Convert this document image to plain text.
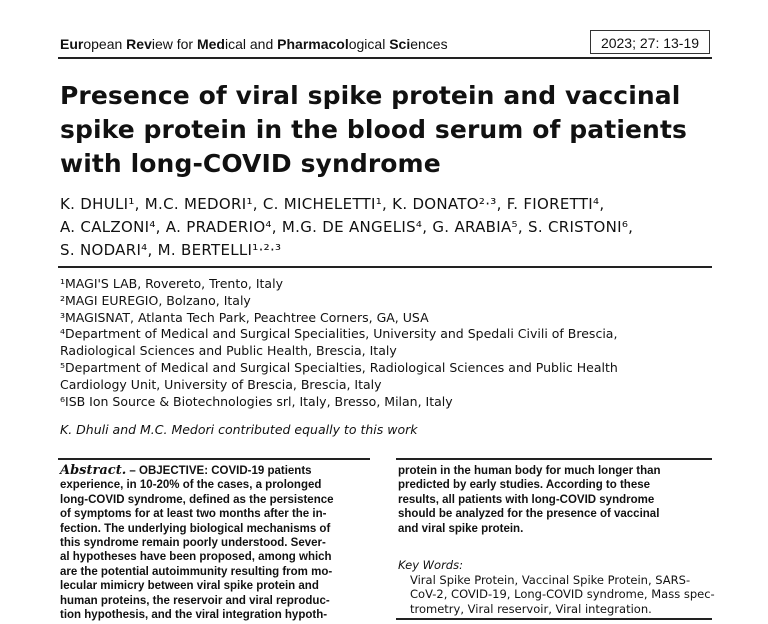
European Review for Medical and Pharmacological Sciences	2023; 27: 13-19
Presence of viral spike protein and vaccinal
spike protein in the blood serum of patients
with long-COVID syndrome
K. DHULI¹, M.C. MEDORI¹, C. MICHELETTI¹, K. DONATO²·³, F. FIORETTI⁴,
A. CALZONI⁴, A. PRADERIO⁴, M.G. DE ANGELIS⁴, G. ARABIA⁵, S. CRISTONI⁶,
S. NODARI⁴, M. BERTELLI¹·²·³
¹MAGI'S LAB, Rovereto, Trento, Italy
²MAGI EUREGIO, Bolzano, Italy
³MAGISNAT, Atlanta Tech Park, Peachtree Corners, GA, USA
⁴Department of Medical and Surgical Specialities, University and Spedali Civili of Brescia,
Radiological Sciences and Public Health, Brescia, Italy
⁵Department of Medical and Surgical Specialties, Radiological Sciences and Public Health
Cardiology Unit, University of Brescia, Brescia, Italy
⁶ISB Ion Source & Biotechnologies srl, Italy, Bresso, Milan, Italy
K. Dhuli and M.C. Medori contributed equally to this work
Abstract. – OBJECTIVE: COVID-19 patients
experience, in 10-20% of the cases, a prolonged
long-COVID syndrome, defined as the persistence
of symptoms for at least two months after the in-
fection. The underlying biological mechanisms of
this syndrome remain poorly understood. Sever-
al hypotheses have been proposed, among which
are the potential autoimmunity resulting from mo-
lecular mimicry between viral spike protein and
human proteins, the reservoir and viral reproduc-
tion hypothesis, and the viral integration hypoth-
protein in the human body for much longer than
predicted by early studies. According to these
results, all patients with long-COVID syndrome
should be analyzed for the presence of vaccinal
and viral spike protein.
Key Words:
Viral Spike Protein, Vaccinal Spike Protein, SARS-
CoV-2, COVID-19, Long-COVID syndrome, Mass spec-
trometry, Viral reservoir, Viral integration.
